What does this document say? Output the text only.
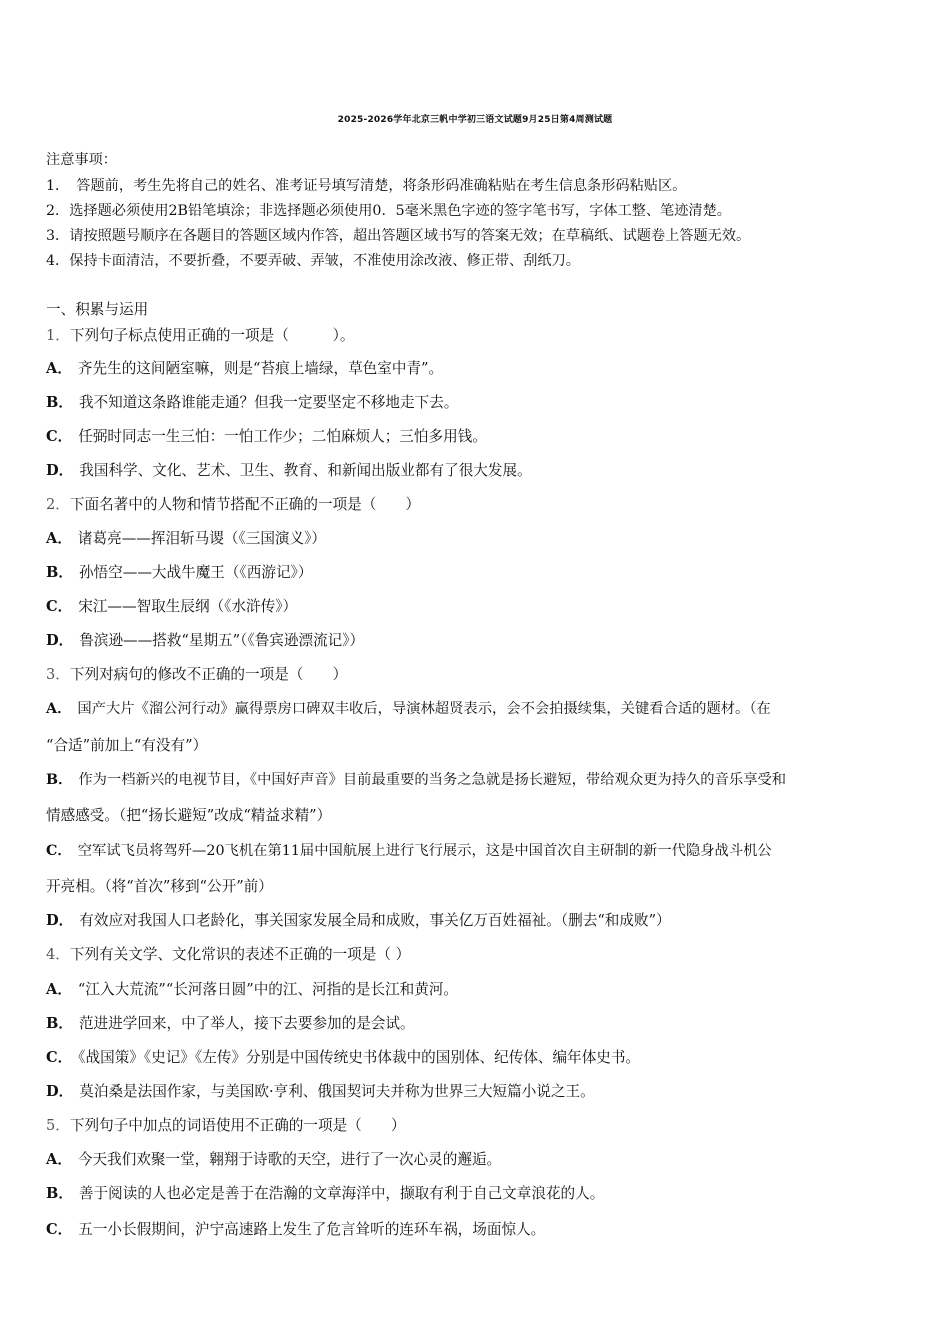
2025-2026学年北京三帆中学初三语文试题9月25日第4周测试题
注意事项：
1．　答题前，考生先将自己的姓名、准考证号填写清楚，将条形码准确粘贴在考生信息条形码粘贴区。
2．选择题必须使用2B铅笔填涂；非选择题必须使用0．5毫米黑色字迹的签字笔书写，字体工整、笔迹清楚。
3．请按照题号顺序在各题目的答题区域内作答，超出答题区域书写的答案无效；在草稿纸、试题卷上答题无效。
4．保持卡面清洁，不要折叠，不要弄破、弄皱，不准使用涂改液、修正带、刮纸刀。
一、积累与运用
1．下列句子标点使用正确的一项是（　　　）。
A． 齐先生的这间陋室嘛，则是“苔痕上墙绿，草色室中青”。
B． 我不知道这条路谁能走通？但我一定要坚定不移地走下去。
C． 任弼时同志一生三怕：一怕工作少；二怕麻烦人；三怕多用钱。
D． 我国科学、文化、艺术、卫生、教育、和新闻出版业都有了很大发展。
2．下面名著中的人物和情节搭配不正确的一项是（　　）
A． 诸葛亮——挥泪斩马谡（《三国演义》）
B． 孙悟空——大战牛魔王（《西游记》）
C． 宋江——智取生辰纲（《水浒传》）
D． 鲁滨逊——搭救“星期五”（《鲁宾逊漂流记》）
3．下列对病句的修改不正确的一项是（　　）
A． 国产大片《溜公河行动》赢得票房口碑双丰收后，导演林超贤表示，会不会拍摄续集，关键看合适的题材。（在
“合适”前加上“有没有”）
B． 作为一档新兴的电视节目，《中国好声音》目前最重要的当务之急就是扬长避短，带给观众更为持久的音乐享受和
情感感受。（把“扬长避短”改成“精益求精”）
C． 空军试飞员将驾歼—20飞机在第11届中国航展上进行飞行展示，这是中国首次自主研制的新一代隐身战斗机公
开亮相。（将“首次”移到“公开”前）
D． 有效应对我国人口老龄化，事关国家发展全局和成败，事关亿万百姓福祉。（删去“和成败”）
4．下列有关文学、文化常识的表述不正确的一项是（ ）
A． “江入大荒流”“长河落日圆”中的江、河指的是长江和黄河。
B． 范进进学回来，中了举人，接下去要参加的是会试。
C． 《战国策》《史记》《左传》分别是中国传统史书体裁中的国别体、纪传体、编年体史书。
D． 莫泊桑是法国作家，与美国欧·亨利、俄国契诃夫并称为世界三大短篇小说之王。
5．下列句子中加点的词语使用不正确的一项是（　　）
A． 今天我们欢聚一堂，翱翔于诗歌的天空，进行了一次心灵的邂逅。
B． 善于阅读的人也必定是善于在浩瀚的文章海洋中，撷取有利于自己文章浪花的人。
C． 五一小长假期间，沪宁高速路上发生了危言耸听的连环车祸，场面惊人。
